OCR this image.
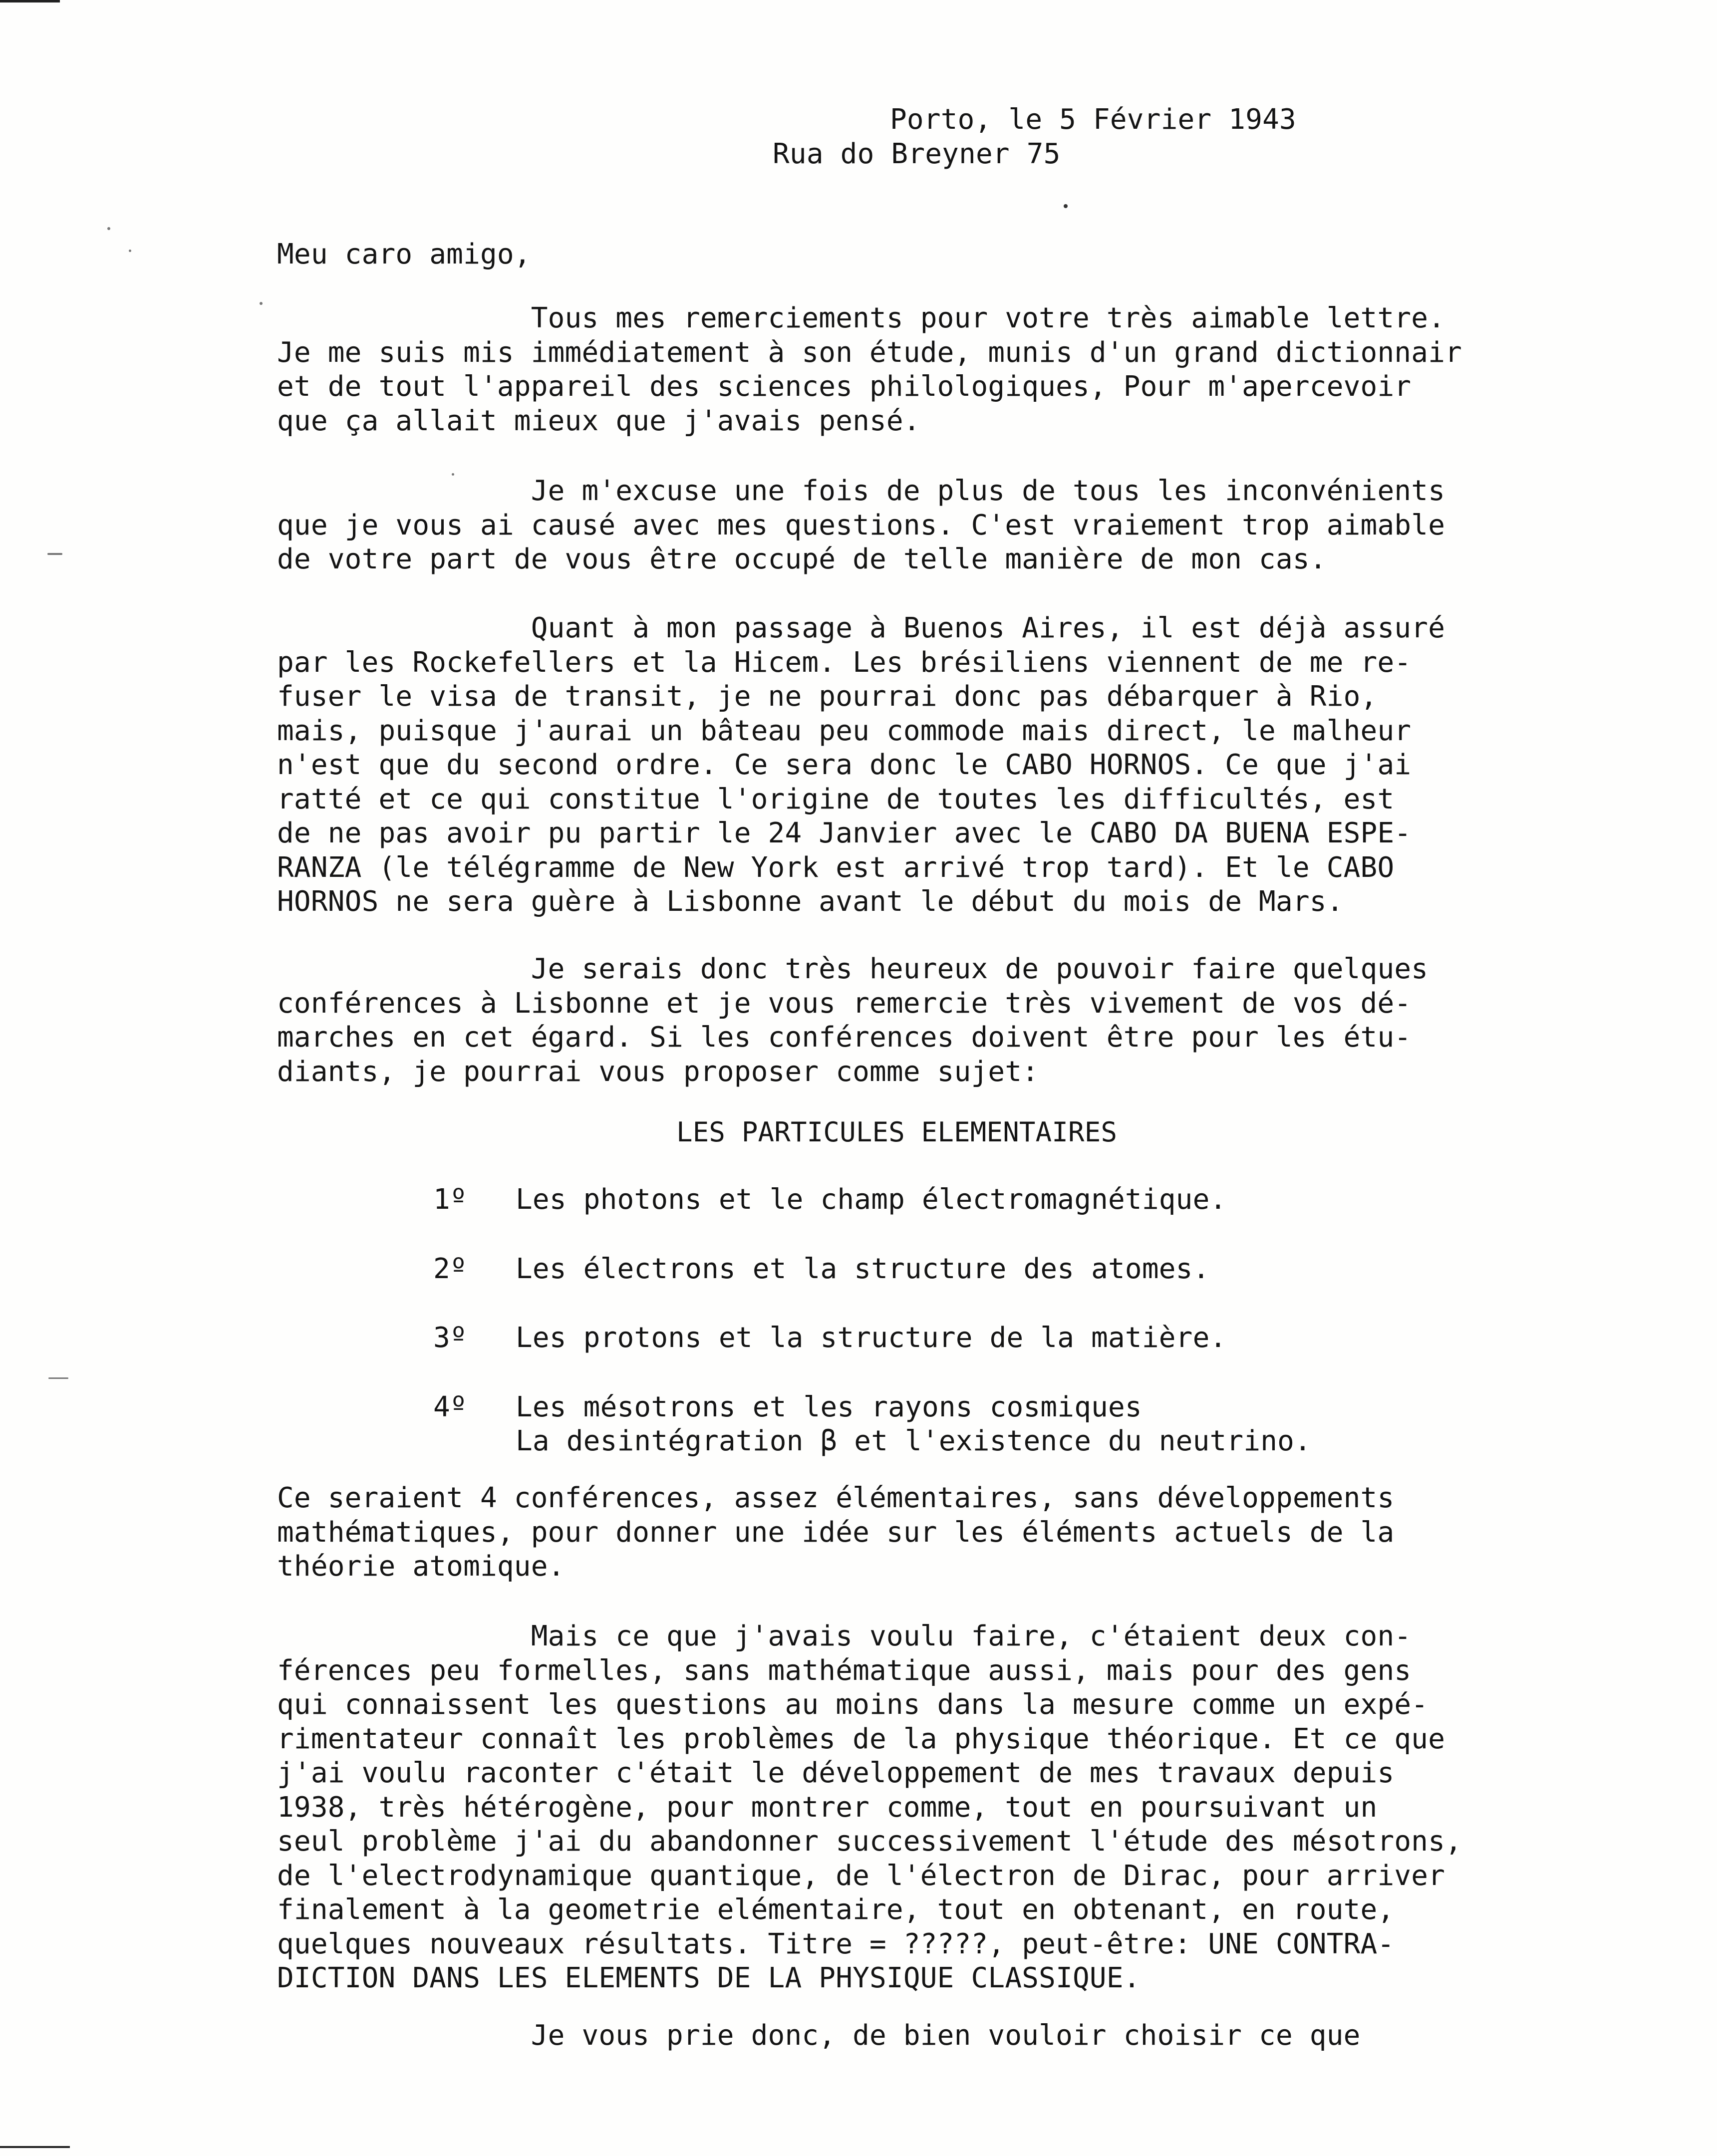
Porto, le 5 Février 1943
Rua do Breyner 75
Meu caro amigo,
Tous mes remerciements pour votre très aimable lettre.
Je me suis mis immédiatement à son étude, munis d'un grand dictionnair
et de tout l'appareil des sciences philologiques, Pour m'apercevoir
que ça allait mieux que j'avais pensé.
Je m'excuse une fois de plus de tous les inconvénients
que je vous ai causé avec mes questions. C'est vraiement trop aimable
de votre part de vous être occupé de telle manière de mon cas.
Quant à mon passage à Buenos Aires, il est déjà assuré
par les Rockefellers et la Hicem. Les brésiliens viennent de me re-
fuser le visa de transit, je ne pourrai donc pas débarquer à Rio,
mais, puisque j'aurai un bâteau peu commode mais direct, le malheur
n'est que du second ordre. Ce sera donc le CABO HORNOS. Ce que j'ai
ratté et ce qui constitue l'origine de toutes les difficultés, est
de ne pas avoir pu partir le 24 Janvier avec le CABO DA BUENA ESPE-
RANZA (le télégramme de New York est arrivé trop tard). Et le CABO
HORNOS ne sera guère à Lisbonne avant le début du mois de Mars.
Je serais donc très heureux de pouvoir faire quelques
conférences à Lisbonne et je vous remercie très vivement de vos dé-
marches en cet égard. Si les conférences doivent être pour les étu-
diants, je pourrai vous proposer comme sujet:
LES PARTICULES ELEMENTAIRES
1º	Les photons et le champ électromagnétique.
2º	Les électrons et la structure des atomes.
3º	Les protons et la structure de la matière.
4º	Les mésotrons et les rayons cosmiques
La desintégration β et l'existence du neutrino.
Ce seraient 4 conférences, assez élémentaires, sans développements
mathématiques, pour donner une idée sur les éléments actuels de la
théorie atomique.
Mais ce que j'avais voulu faire, c'étaient deux con-
férences peu formelles, sans mathématique aussi, mais pour des gens
qui connaissent les questions au moins dans la mesure comme un expé-
rimentateur connaît les problèmes de la physique théorique. Et ce que
j'ai voulu raconter c'était le développement de mes travaux depuis
1938, très hétérogène, pour montrer comme, tout en poursuivant un
seul problème j'ai du abandonner successivement l'étude des mésotrons,
de l'electrodynamique quantique, de l'électron de Dirac, pour arriver
finalement à la geometrie elémentaire, tout en obtenant, en route,
quelques nouveaux résultats. Titre = ?????, peut-être: UNE CONTRA-
DICTION DANS LES ELEMENTS DE LA PHYSIQUE CLASSIQUE.
Je vous prie donc, de bien vouloir choisir ce que
